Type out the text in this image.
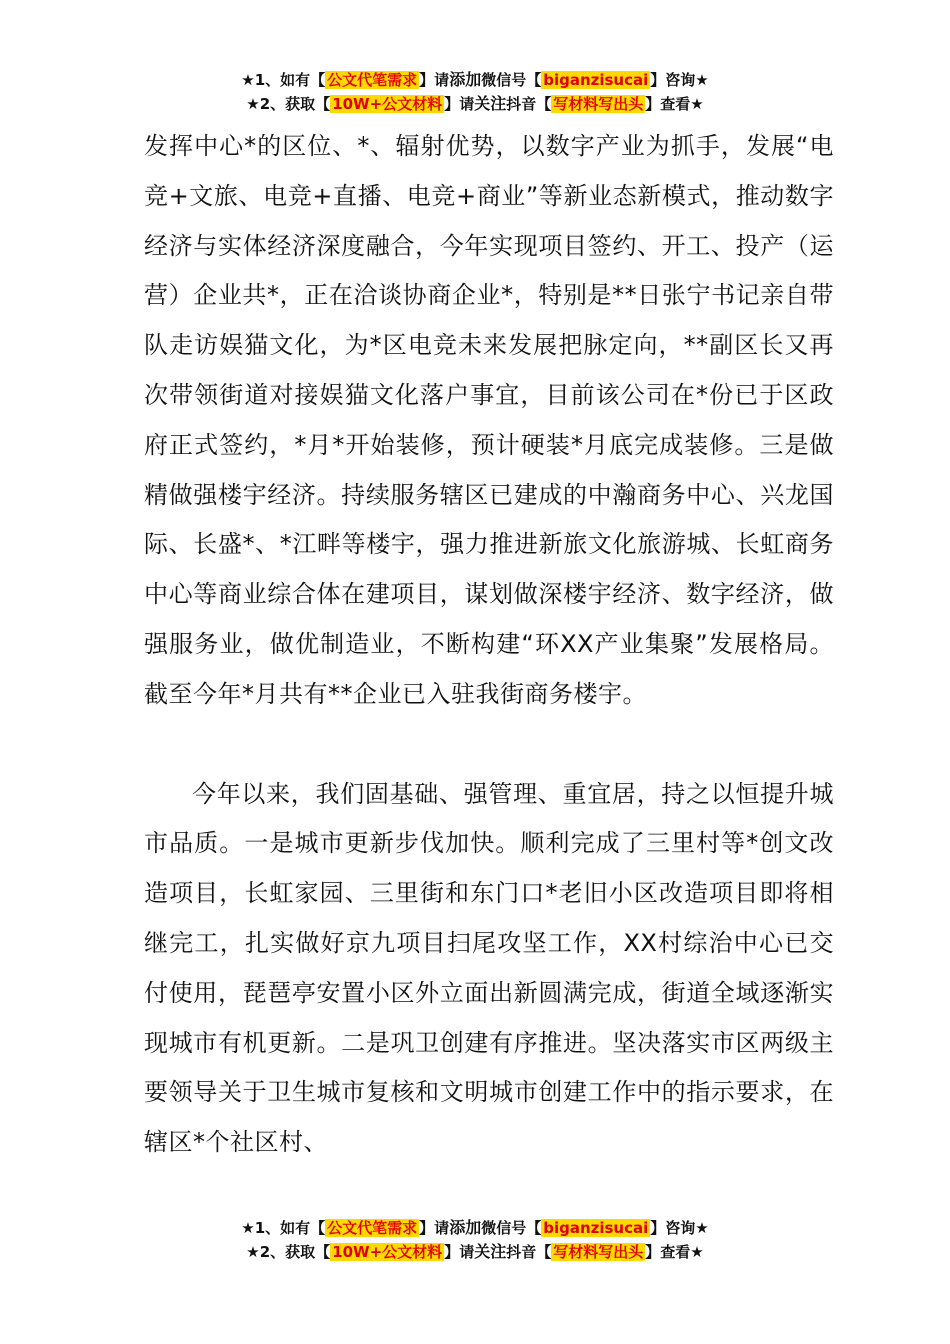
★1、如有【 公文代笔需求 】请添加微信号【 biganzisucai 】咨询★
★2、获取【 10W+公文材料 】请关注抖音【 写材料写出头 】查看★

发挥中心*的区位、*、辐射优势，以数字产业为抓手，发展“电竞+文旅、电竞+直播、电竞+商业”等新业态新模式，推动数字经济与实体经济深度融合，今年实现项目签约、开工、投产（运营）企业共*，正在洽谈协商企业*，特别是**日张宁书记亲自带队走访娱猫文化，为*区电竞未来发展把脉定向，**副区长又再次带领街道对接娱猫文化落户事宜，目前该公司在*份已于区政府正式签约，*月*开始装修，预计硬装*月底完成装修。三是做精做强楼宇经济。持续服务辖区已建成的中瀚商务中心、兴龙国际、长盛*、*江畔等楼宇，强力推进新旅文化旅游城、长虹商务中心等商业综合体在建项目，谋划做深楼宇经济、数字经济，做强服务业，做优制造业，不断构建“环XX产业集聚”发展格局。截至今年*月共有**企业已入驻我街商务楼宇。

今年以来，我们固基础、强管理、重宜居，持之以恒提升城市品质。一是城市更新步伐加快。顺利完成了三里村等*创文改造项目，长虹家园、三里街和东门口*老旧小区改造项目即将相继完工，扎实做好京九项目扫尾攻坚工作，XX村综治中心已交付使用，琵琶亭安置小区外立面出新圆满完成，街道全域逐渐实现城市有机更新。二是巩卫创建有序推进。坚决落实市区两级主要领导关于卫生城市复核和文明城市创建工作中的指示要求，在辖区*个社区村、

★1、如有【 公文代笔需求 】请添加微信号【 biganzisucai 】咨询★
★2、获取【 10W+公文材料 】请关注抖音【 写材料写出头 】查看★
